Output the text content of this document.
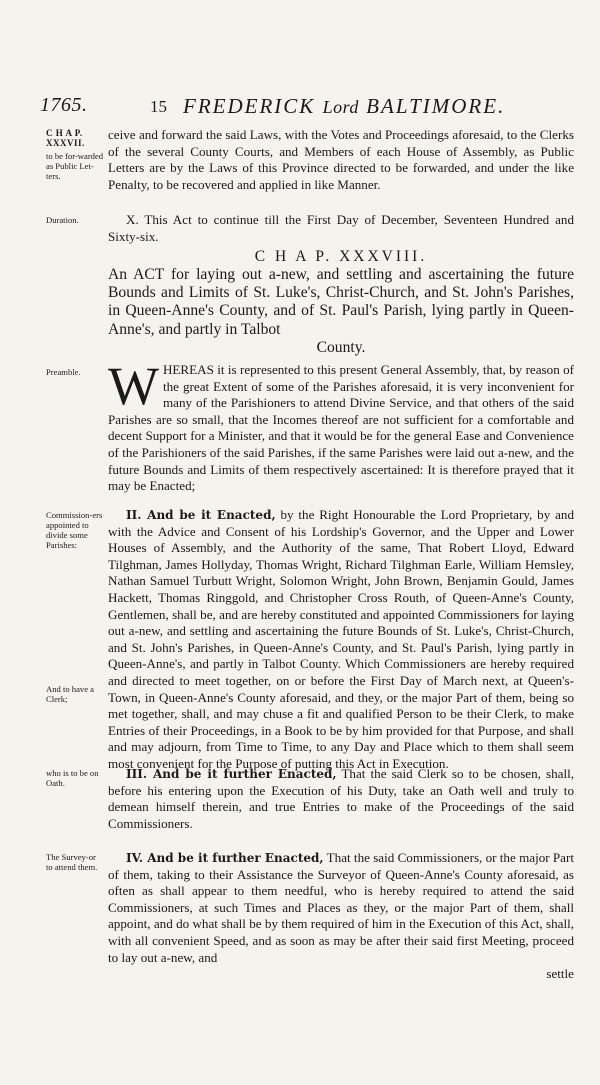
1765.	15 FREDERICK Lord BALTIMORE.
C H A P. XXXVII.
to be for-warded as Public Let-ters.
Duration.
Preamble.
Commission-ers appointed to divide some Parishes:
And to have a Clerk;
who is to be on Oath.
The Survey-or to attend them.

ceive and forward the said Laws, with the Votes and Proceedings aforesaid, to the Clerks of the several County Courts, and Members of each House of Assembly, as Public Letters are by the Laws of this Province directed to be forwarded, and under the like Penalty, to be recovered and applied in like Manner.

X. This Act to continue till the First Day of December, Seventeen Hundred and Sixty-six.

C H A P. XXXVIII.

An ACT for laying out a-new, and settling and ascertaining the future Bounds and Limits of St. Luke's, Christ-Church, and St. John's Parishes, in Queen-Anne's County, and of St. Paul's Parish, lying partly in Queen-Anne's, and partly in Talbot

County.

WHEREAS it is represented to this present General Assembly, that, by reason of the great Extent of some of the Parishes aforesaid, it is very inconvenient for many of the Parishioners to attend Divine Service, and that others of the said Parishes are so small, that the Incomes thereof are not sufficient for a comfortable and decent Support for a Minister, and that it would be for the general Ease and Convenience of the Parishioners of the said Parishes, if the same Parishes were laid out a-new, and the future Bounds and Limits of them respectively ascertained: It is therefore prayed that it may be Enacted;

II. And be it Enacted, by the Right Honourable the Lord Proprietary, by and with the Advice and Consent of his Lordship's Governor, and the Upper and Lower Houses of Assembly, and the Authority of the same, That Robert Lloyd, Edward Tilghman, James Hollyday, Thomas Wright, Richard Tilghman Earle, William Hemsley, Nathan Samuel Turbutt Wright, Solomon Wright, John Brown, Benjamin Gould, James Hackett, Thomas Ringgold, and Christopher Cross Routh, of Queen-Anne's County, Gentlemen, shall be, and are hereby constituted and appointed Commissioners for laying out a-new, and settling and ascertaining the future Bounds of St. Luke's, Christ-Church, and St. John's Parishes, in Queen-Anne's County, and St. Paul's Parish, lying partly in Queen-Anne's, and partly in Talbot County. Which Commissioners are hereby required and directed to meet together, on or before the First Day of March next, at Queen's-Town, in Queen-Anne's County aforesaid, and they, or the major Part of them, being so met together, shall, and may chuse a fit and qualified Person to be their Clerk, to make Entries of their Proceedings, in a Book to be by him provided for that Purpose, and shall and may adjourn, from Time to Time, to any Day and Place which to them shall seem most convenient for the Purpose of putting this Act in Execution.

III. And be it further Enacted, That the said Clerk so to be chosen, shall, before his entering upon the Execution of his Duty, take an Oath well and truly to demean himself therein, and true Entries to make of the Proceedings of the said Commissioners.

IV. And be it further Enacted, That the said Commissioners, or the major Part of them, taking to their Assistance the Surveyor of Queen-Anne's County aforesaid, as often as shall appear to them needful, who is hereby required to attend the said Commissioners, at such Times and Places as they, or the major Part of them, shall appoint, and do what shall be by them required of him in the Execution of this Act, shall, with all convenient Speed, and as soon as may be after their said first Meeting, proceed to lay out a-new, and

settle
